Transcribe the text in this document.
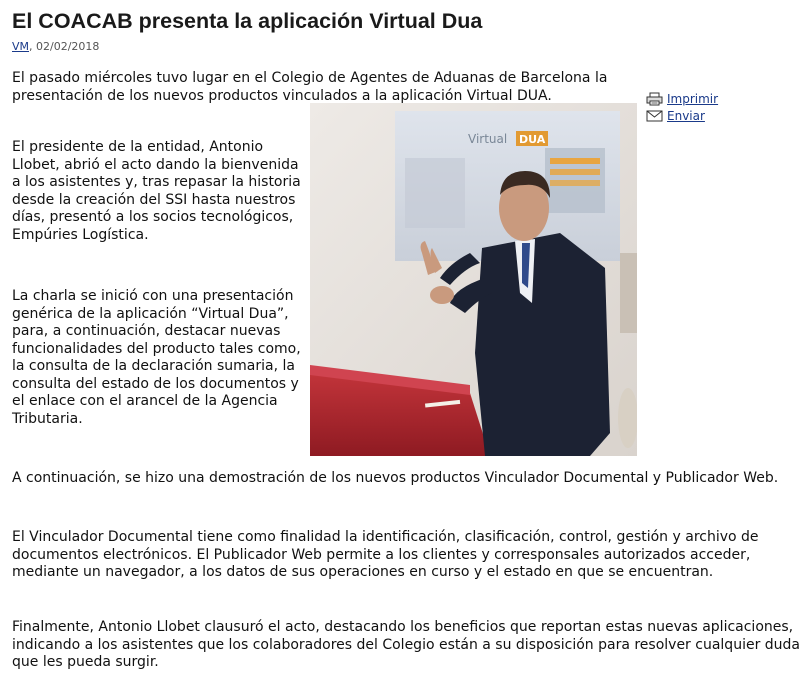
El COACAB presenta la aplicación Virtual Dua
VM, 02/02/2018
Imprimir
Enviar

El pasado miércoles tuvo lugar en el Colegio de Agentes de Aduanas de Barcelona la presentación de los nuevos productos vinculados a la aplicación Virtual DUA.

El presidente de la entidad, Antonio Llobet, abrió el acto dando la bienvenida a los asistentes y, tras repasar la historia desde la creación del SSI hasta nuestros días, presentó a los socios tecnológicos, Empúries Logística.

La charla se inició con una presentación genérica de la aplicación “Virtual Dua”, para, a continuación, destacar nuevas funcionalidades del producto tales como, la consulta de la declaración sumaria, la consulta del estado de los documentos y el enlace con el arancel de la Agencia Tributaria.

Virtual DUA

A continuación, se hizo una demostración de los nuevos productos Vinculador Documental y Publicador Web.

El Vinculador Documental tiene como finalidad la identificación, clasificación, control, gestión y archivo de documentos electrónicos. El Publicador Web permite a los clientes y corresponsales autorizados acceder, mediante un navegador, a los datos de sus operaciones en curso y el estado en que se encuentran.

Finalmente, Antonio Llobet clausuró el acto, destacando los beneficios que reportan estas nuevas aplicaciones, indicando a los asistentes que los colaboradores del Colegio están a su disposición para resolver cualquier duda que les pueda surgir.
